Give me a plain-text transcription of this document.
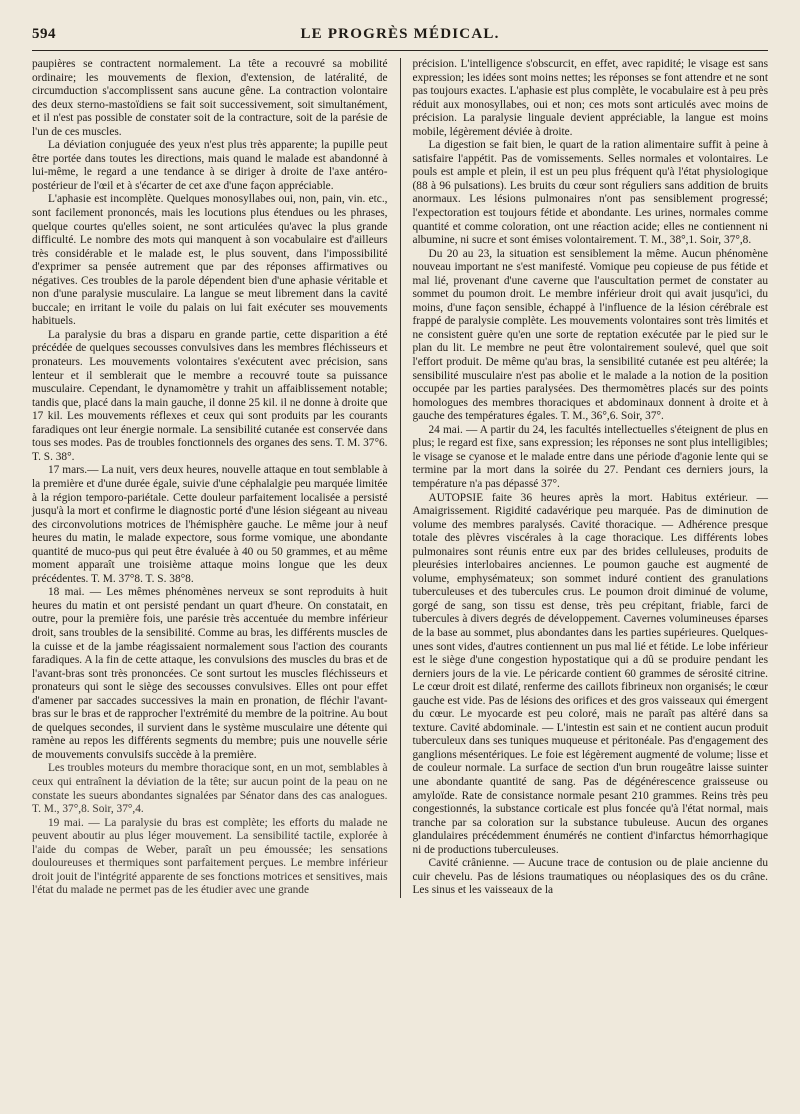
594	LE PROGRÈS MÉDICAL.

paupières se contractent normalement. La tête a recouvré sa mobilité ordinaire; les mouvements de flexion, d'extension, de latéralité, de circumduction s'accomplissent sans aucune gêne. La contraction volontaire des deux sterno-mastoïdiens se fait soit successivement, soit simultanément, et il n'est pas possible de constater soit de la contracture, soit de la parésie de l'un de ces muscles.

La déviation conjuguée des yeux n'est plus très apparente; la pupille peut être portée dans toutes les directions, mais quand le malade est abandonné à lui-même, le regard a une tendance à se diriger à droite de l'axe antéro-postérieur de l'œil et à s'écarter de cet axe d'une façon appréciable.

L'aphasie est incomplète. Quelques monosyllabes oui, non, pain, vin. etc., sont facilement prononcés, mais les locutions plus étendues ou les phrases, quelque courtes qu'elles soient, ne sont articulées qu'avec la plus grande difficulté. Le nombre des mots qui manquent à son vocabulaire est d'ailleurs très considérable et le malade est, le plus souvent, dans l'impossibilité d'exprimer sa pensée autrement que par des réponses affirmatives ou négatives. Ces troubles de la parole dépendent bien d'une aphasie véritable et non d'une paralysie musculaire. La langue se meut librement dans la cavité buccale; en irritant le voile du palais on lui fait exécuter ses mouvements habituels.

La paralysie du bras a disparu en grande partie, cette disparition a été précédée de quelques secousses convulsives dans les membres fléchisseurs et pronateurs. Les mouvements volontaires s'exécutent avec précision, sans lenteur et il semblerait que le membre a recouvré toute sa puissance musculaire. Cependant, le dynamomètre y trahit un affaiblissement notable; tandis que, placé dans la main gauche, il donne 25 kil. il ne donne à droite que 17 kil. Les mouvements réflexes et ceux qui sont produits par les courants faradiques ont leur énergie normale. La sensibilité cutanée est conservée dans tous ses modes. Pas de troubles fonctionnels des organes des sens. T. M. 37°6. T. S. 38°.

17 mars.— La nuit, vers deux heures, nouvelle attaque en tout semblable à la première et d'une durée égale, suivie d'une céphalalgie peu marquée limitée à la région temporo-pariétale. Cette douleur parfaitement localisée a persisté jusqu'à la mort et confirme le diagnostic porté d'une lésion siégeant au niveau des circonvolutions motrices de l'hémisphère gauche. Le même jour à neuf heures du matin, le malade expectore, sous forme vomique, une abondante quantité de muco-pus qui peut être évaluée à 40 ou 50 grammes, et au même moment apparaît une troisième attaque moins longue que les deux précédentes. T. M. 37°8. T. S. 38°8.

18 mai. — Les mêmes phénomènes nerveux se sont reproduits à huit heures du matin et ont persisté pendant un quart d'heure. On constatait, en outre, pour la première fois, une parésie très accentuée du membre inférieur droit, sans troubles de la sensibilité. Comme au bras, les différents muscles de la cuisse et de la jambe réagissaient normalement sous l'action des courants faradiques. A la fin de cette attaque, les convulsions des muscles du bras et de l'avant-bras sont très prononcées. Ce sont surtout les muscles fléchisseurs et pronateurs qui sont le siège des secousses convulsives. Elles ont pour effet d'amener par saccades successives la main en pronation, de fléchir l'avant-bras sur le bras et de rapprocher l'extrémité du membre de la poitrine. Au bout de quelques secondes, il survient dans le système musculaire une détente qui ramène au repos les différents segments du membre; puis une nouvelle série de mouvements convulsifs succède à la première.

Les troubles moteurs du membre thoracique sont, en un mot, semblables à ceux qui entraînent la déviation de la tête; sur aucun point de la peau on ne constate les sueurs abondantes signalées par Sénator dans des cas analogues. T. M., 37°,8. Soir, 37°,4.

19 mai. — La paralysie du bras est complète; les efforts du malade ne peuvent aboutir au plus léger mouvement. La sensibilité tactile, explorée à l'aide du compas de Weber, paraît un peu émoussée; les sensations douloureuses et thermiques sont parfaitement perçues. Le membre inférieur droit jouit de l'intégrité apparente de ses fonctions motrices et sensitives, mais l'état du malade ne permet pas de les étudier avec une grande

précision. L'intelligence s'obscurcit, en effet, avec rapidité; le visage est sans expression; les idées sont moins nettes; les réponses se font attendre et ne sont pas toujours exactes. L'aphasie est plus complète, le vocabulaire est à peu près réduit aux monosyllabes, oui et non; ces mots sont articulés avec moins de précision. La paralysie linguale devient appréciable, la langue est moins mobile, légèrement déviée à droite.

La digestion se fait bien, le quart de la ration alimentaire suffit à peine à satisfaire l'appétit. Pas de vomissements. Selles normales et volontaires. Le pouls est ample et plein, il est un peu plus fréquent qu'à l'état physiologique (88 à 96 pulsations). Les bruits du cœur sont réguliers sans addition de bruits anormaux. Les lésions pulmonaires n'ont pas sensiblement progressé; l'expectoration est toujours fétide et abondante. Les urines, normales comme quantité et comme coloration, ont une réaction acide; elles ne contiennent ni albumine, ni sucre et sont émises volontairement. T. M., 38°,1. Soir, 37°,8.

Du 20 au 23, la situation est sensiblement la même. Aucun phénomène nouveau important ne s'est manifesté. Vomique peu copieuse de pus fétide et mal lié, provenant d'une caverne que l'auscultation permet de constater au sommet du poumon droit. Le membre inférieur droit qui avait jusqu'ici, du moins, d'une façon sensible, échappé à l'influence de la lésion cérébrale est frappé de paralysie complète. Les mouvements volontaires sont très limités et ne consistent guère qu'en une sorte de reptation exécutée par le pied sur le plan du lit. Le membre ne peut être volontairement soulevé, quel que soit l'effort produit. De même qu'au bras, la sensibilité cutanée est peu altérée; la sensibilité musculaire n'est pas abolie et le malade a la notion de la position occupée par les parties paralysées. Des thermomètres placés sur des points homologues des membres thoraciques et abdominaux donnent à droite et à gauche des températures égales. T. M., 36°,6. Soir, 37°.

24 mai. — A partir du 24, les facultés intellectuelles s'éteignent de plus en plus; le regard est fixe, sans expression; les réponses ne sont plus intelligibles; le visage se cyanose et le malade entre dans une période d'agonie lente qui se termine par la mort dans la soirée du 27. Pendant ces derniers jours, la température n'a pas dépassé 37°.

AUTOPSIE faite 36 heures après la mort. Habitus extérieur. — Amaigrissement. Rigidité cadavérique peu marquée. Pas de diminution de volume des membres paralysés. Cavité thoracique. — Adhérence presque totale des plèvres viscérales à la cage thoracique. Les différents lobes pulmonaires sont réunis entre eux par des brides celluleuses, produits de pleurésies interlobaires anciennes. Le poumon gauche est augmenté de volume, emphysémateux; son sommet induré contient des granulations tuberculeuses et des tubercules crus. Le poumon droit diminué de volume, gorgé de sang, son tissu est dense, très peu crépitant, friable, farci de tubercules à divers degrés de développement. Cavernes volumineuses éparses de la base au sommet, plus abondantes dans les parties supérieures. Quelques-unes sont vides, d'autres contiennent un pus mal lié et fétide. Le lobe inférieur est le siège d'une congestion hypostatique qui a dû se produire pendant les derniers jours de la vie. Le péricarde contient 60 grammes de sérosité citrine. Le cœur droit est dilaté, renferme des caillots fibrineux non organisés; le cœur gauche est vide. Pas de lésions des orifices et des gros vaisseaux qui émergent du cœur. Le myocarde est peu coloré, mais ne paraît pas altéré dans sa texture. Cavité abdominale. — L'intestin est sain et ne contient aucun produit tuberculeux dans ses tuniques muqueuse et péritonéale. Pas d'engagement des ganglions mésentériques. Le foie est légèrement augmenté de volume; lisse et de couleur normale. La surface de section d'un brun rougeâtre laisse suinter une abondante quantité de sang. Pas de dégénérescence graisseuse ou amyloïde. Rate de consistance normale pesant 210 grammes. Reins très peu congestionnés, la substance corticale est plus foncée qu'à l'état normal, mais tranche par sa coloration sur la substance tubuleuse. Aucun des organes glandulaires précédemment énumérés ne contient d'infarctus hémorrhagique ni de productions tuberculeuses.

Cavité crânienne. — Aucune trace de contusion ou de plaie ancienne du cuir chevelu. Pas de lésions traumatiques ou néoplasiques des os du crâne. Les sinus et les vaisseaux de la
